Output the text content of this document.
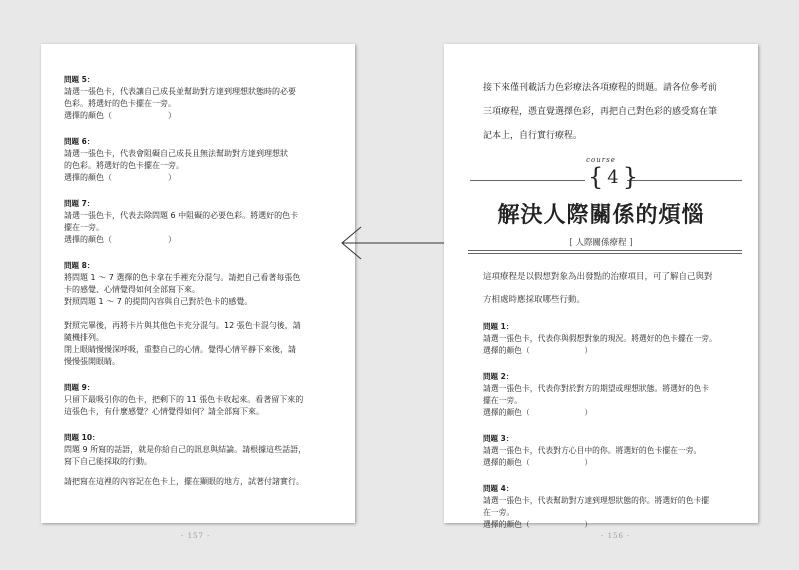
問題 5：

請選一張色卡，代表讓自己成長並幫助對方達到理想狀態時的必要

色彩。將選好的色卡擺在一旁。

選擇的顏色（　　　　　　　）

問題 6：

請選一張色卡，代表會阻礙自己成長且無法幫助對方達到理想狀

的色彩。將選好的色卡擺在一旁。

選擇的顏色（　　　　　　　）

問題 7：

請選一張色卡，代表去除問題 6 中阻礙的必要色彩。將選好的色卡

擺在一旁。

選擇的顏色（　　　　　　　）

問題 8：

將問題 1 ～ 7 選擇的色卡拿在手裡充分混勻。請把自己看著每張色

卡的感覺、心情覺得如何全部寫下來。

對照問題 1 ～ 7 的提問內容與自己對於色卡的感覺。

對照完畢後，再將卡片與其他色卡充分混勻。12 張色卡混勻後，請

隨機排列。

閉上眼睛慢慢深呼吸，重整自己的心情。覺得心情平靜下來後，請

慢慢張開眼睛。

問題 9：

只留下最吸引你的色卡，把剩下的 11 張色卡收起來。看著留下來的

這張色卡，有什麼感覺？心情覺得如何？請全部寫下來。

問題 10：

問題 9 所寫的話語，就是你給自己的訊息與結論。請根據這些話語，

寫下自己能採取的行動。

請把寫在這裡的內容記在色卡上，擺在顯眼的地方，試著付諸實行。
- 157 -

接下來僅刊載活力色彩療法各項療程的問題。請各位參考前

三項療程，憑直覺選擇色彩，再把自己對色彩的感受寫在筆

記本上，自行實行療程。

course
{ 4 }
解決人際關係的煩惱
[ 人際關係療程 ]

這項療程是以假想對象為出發點的治療項目，可了解自己與對

方相處時應採取哪些行動。

問題 1：

請選一張色卡，代表你與假想對象的現況。將選好的色卡擺在一旁。

選擇的顏色（　　　　　　　）

問題 2：

請選一張色卡，代表你對於對方的期望或理想狀態。將選好的色卡

擺在一旁。

選擇的顏色（　　　　　　　）

問題 3：

請選一張色卡，代表對方心目中的你。將選好的色卡擺在一旁。

選擇的顏色（　　　　　　　）

問題 4：

請選一張色卡，代表幫助對方達到理想狀態的你。將選好的色卡擺

在一旁。

選擇的顏色（　　　　　　　）

- 156 -
